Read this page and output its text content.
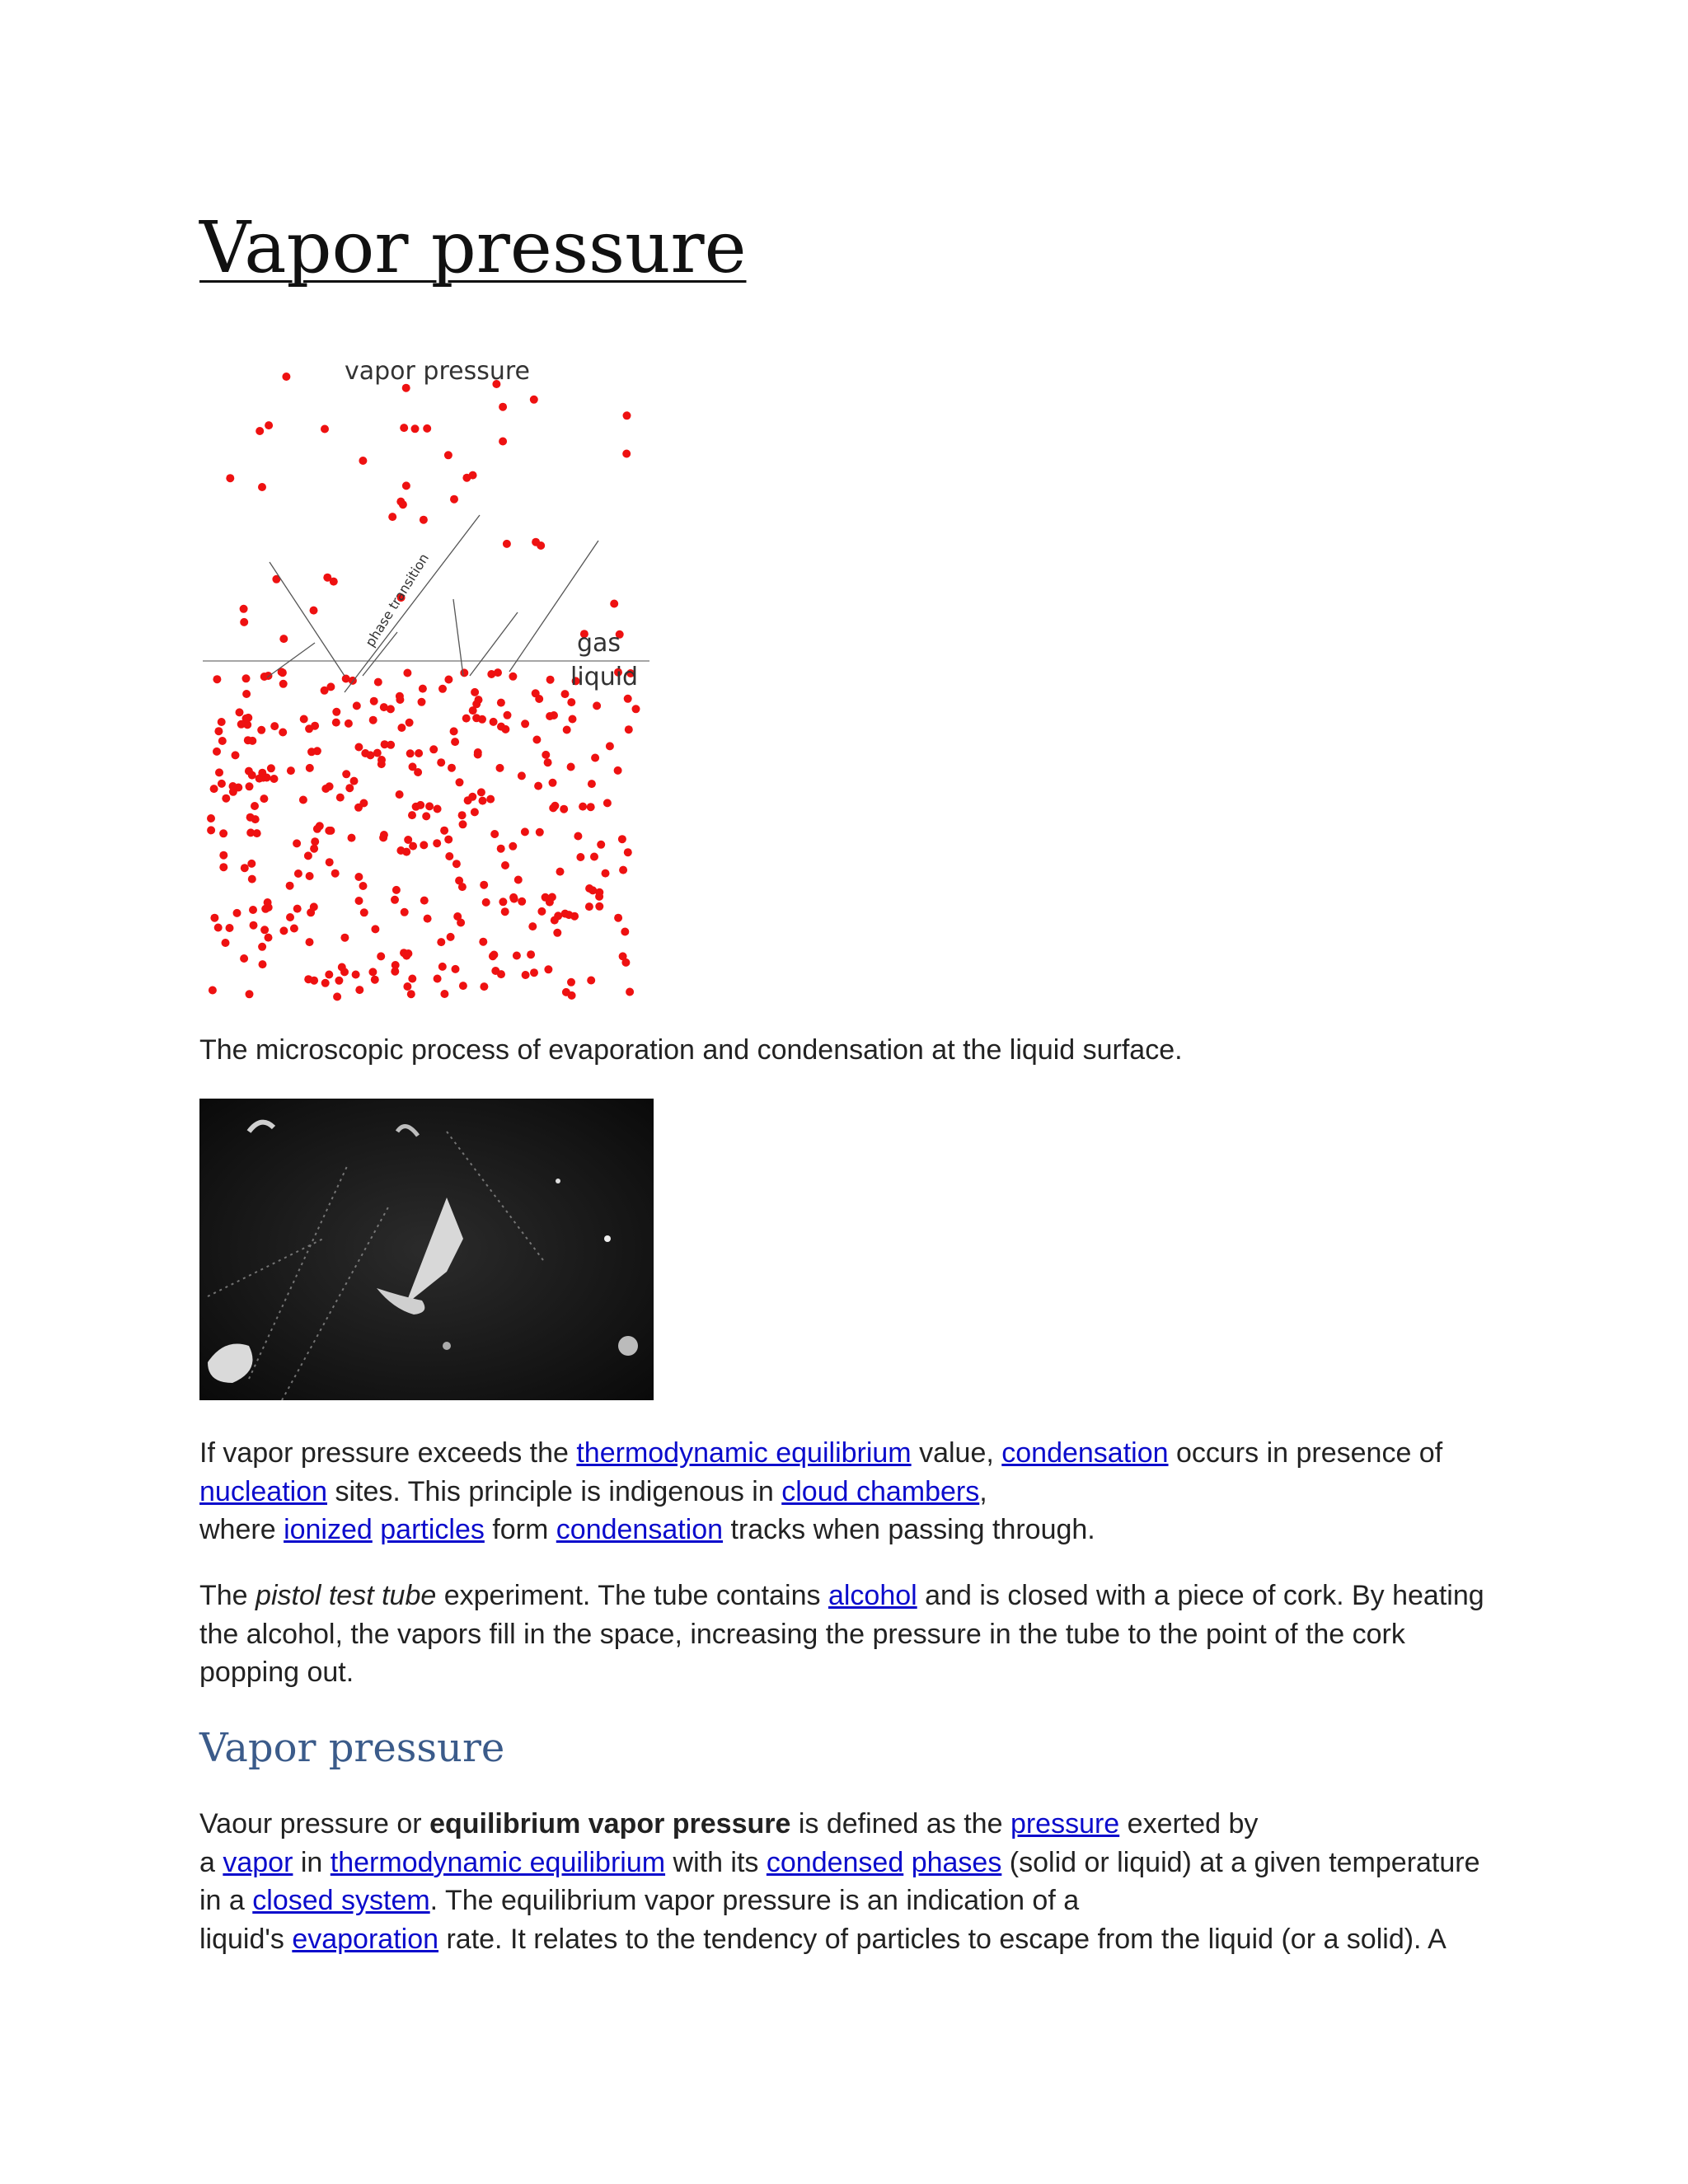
Vapor pressure
vapor pressure
phase transition	gas
liquid

The microscopic process of evaporation and condensation at the liquid surface.

If vapor pressure exceeds the thermodynamic equilibrium value, condensation occurs in presence of nucleation sites. This principle is indigenous in cloud chambers,
where ionized particles form condensation tracks when passing through.

The pistol test tube experiment. The tube contains alcohol and is closed with a piece of cork. By heating the alcohol, the vapors fill in the space, increasing the pressure in the tube to the point of the cork popping out.

Vapor pressure

Vaour pressure or equilibrium vapor pressure is defined as the pressure exerted by
a vapor in thermodynamic equilibrium with its condensed phases (solid or liquid) at a given temperature in a closed system. The equilibrium vapor pressure is an indication of a
liquid's evaporation rate. It relates to the tendency of particles to escape from the liquid (or a solid). A
